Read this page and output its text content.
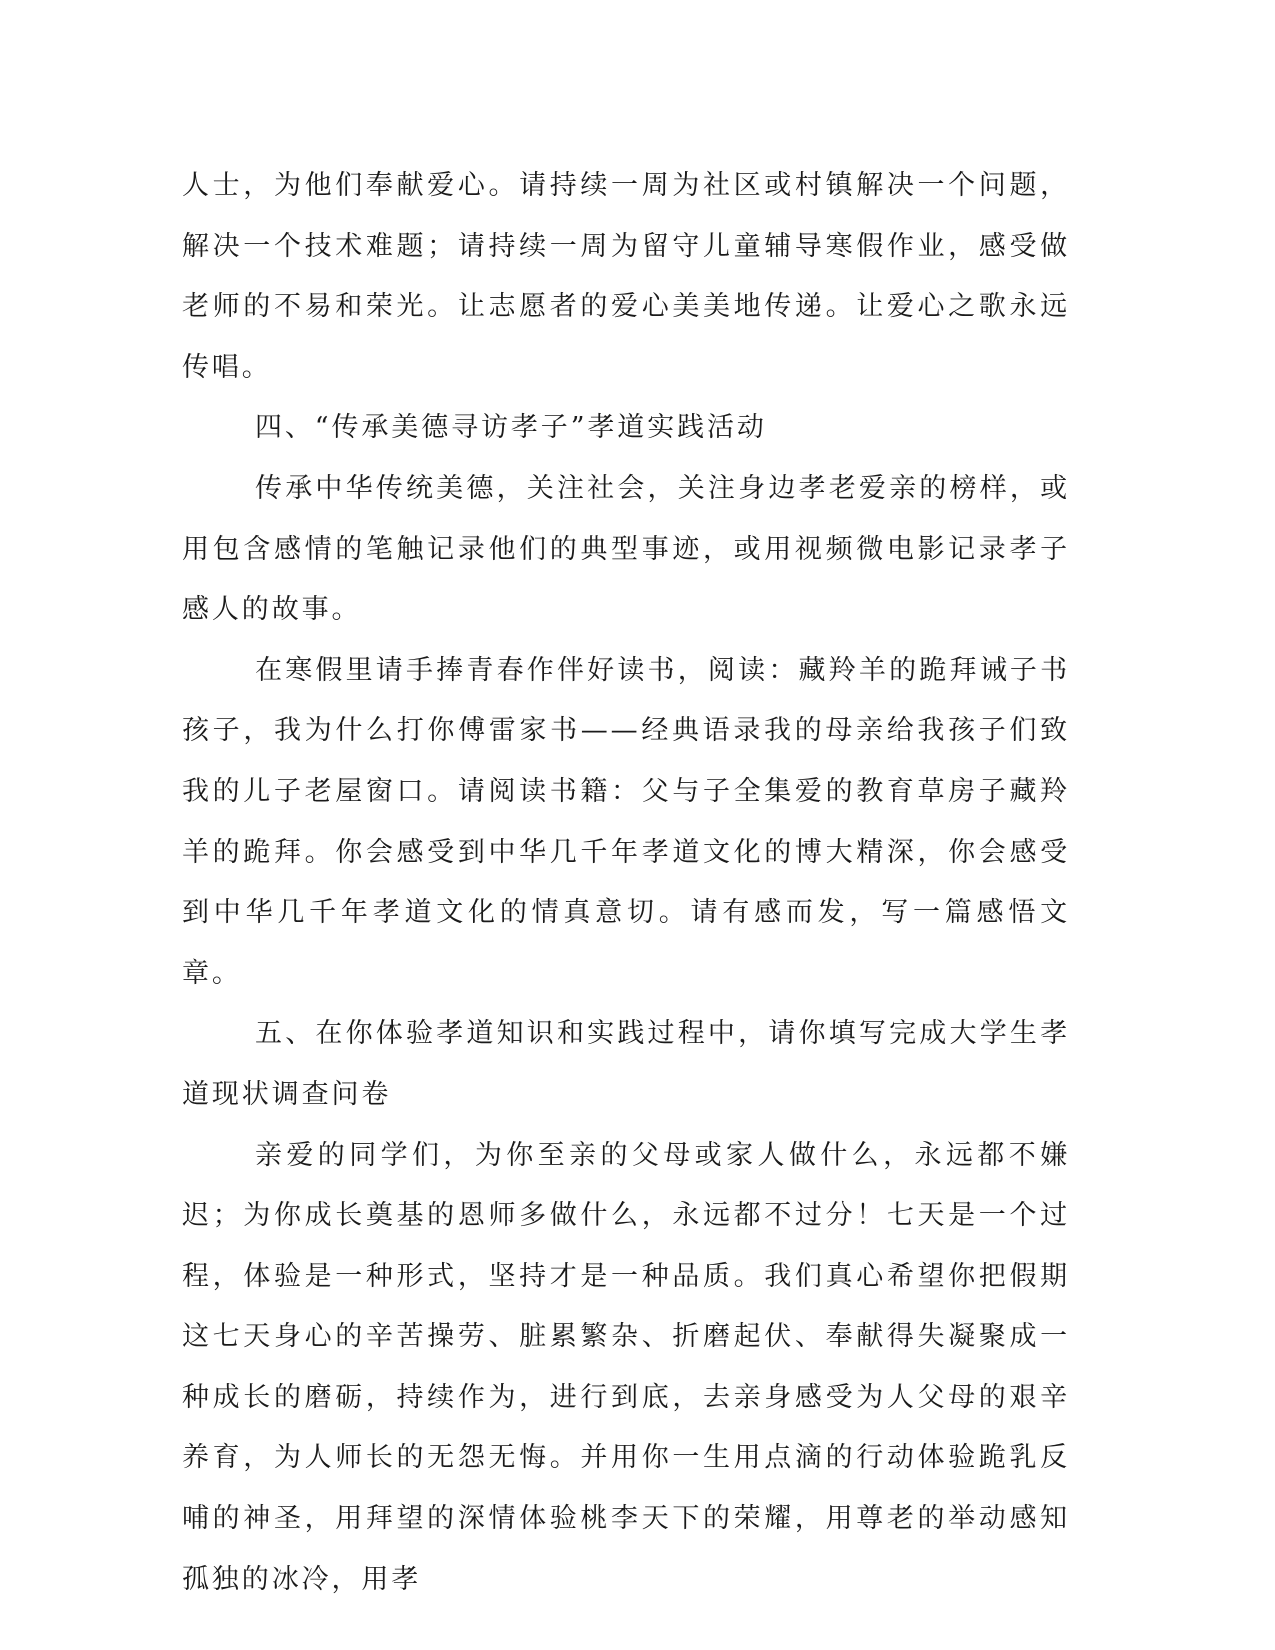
人士，为他们奉献爱心。请持续一周为社区或村镇解决一个问题，解决一个技术难题；请持续一周为留守儿童辅导寒假作业，感受做老师的不易和荣光。让志愿者的爱心美美地传递。让爱心之歌永远传唱。

四、“传承美德寻访孝子”孝道实践活动

传承中华传统美德，关注社会，关注身边孝老爱亲的榜样，或用包含感情的笔触记录他们的典型事迹，或用视频微电影记录孝子感人的故事。

在寒假里请手捧青春作伴好读书，阅读：藏羚羊的跪拜诫子书孩子，我为什么打你傅雷家书——经典语录我的母亲给我孩子们致我的儿子老屋窗口。请阅读书籍：父与子全集爱的教育草房子藏羚羊的跪拜。你会感受到中华几千年孝道文化的博大精深，你会感受到中华几千年孝道文化的情真意切。请有感而发，写一篇感悟文章。

五、在你体验孝道知识和实践过程中，请你填写完成大学生孝道现状调查问卷

亲爱的同学们，为你至亲的父母或家人做什么，永远都不嫌迟；为你成长奠基的恩师多做什么，永远都不过分！七天是一个过程，体验是一种形式，坚持才是一种品质。我们真心希望你把假期这七天身心的辛苦操劳、脏累繁杂、折磨起伏、奉献得失凝聚成一种成长的磨砺，持续作为，进行到底，去亲身感受为人父母的艰辛养育，为人师长的无怨无悔。并用你一生用点滴的行动体验跪乳反哺的神圣，用拜望的深情体验桃李天下的荣耀，用尊老的举动感知孤独的冰冷，用孝
